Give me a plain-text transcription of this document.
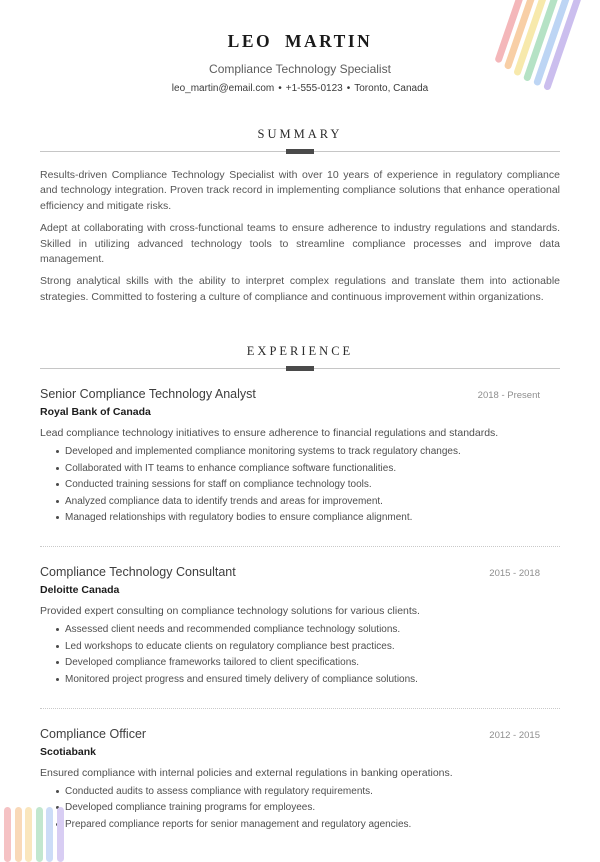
LEO MARTIN
Compliance Technology Specialist
leo_martin@email.com • +1-555-0123 • Toronto, Canada
SUMMARY

Results-driven Compliance Technology Specialist with over 10 years of experience in regulatory compliance and technology integration. Proven track record in implementing compliance solutions that enhance operational efficiency and mitigate risks.

Adept at collaborating with cross-functional teams to ensure adherence to industry regulations and standards. Skilled in utilizing advanced technology tools to streamline compliance processes and improve data management.

Strong analytical skills with the ability to interpret complex regulations and translate them into actionable strategies. Committed to fostering a culture of compliance and continuous improvement within organizations.

EXPERIENCE
Senior Compliance Technology Analyst	2018 - Present
Royal Bank of Canada
Lead compliance technology initiatives to ensure adherence to financial regulations and standards.
Developed and implemented compliance monitoring systems to track regulatory changes.
Collaborated with IT teams to enhance compliance software functionalities.
Conducted training sessions for staff on compliance technology tools.
Analyzed compliance data to identify trends and areas for improvement.
Managed relationships with regulatory bodies to ensure compliance alignment.
Compliance Technology Consultant	2015 - 2018
Deloitte Canada
Provided expert consulting on compliance technology solutions for various clients.
Assessed client needs and recommended compliance technology solutions.
Led workshops to educate clients on regulatory compliance best practices.
Developed compliance frameworks tailored to client specifications.
Monitored project progress and ensured timely delivery of compliance solutions.
Compliance Officer	2012 - 2015
Scotiabank
Ensured compliance with internal policies and external regulations in banking operations.
Conducted audits to assess compliance with regulatory requirements.
Developed compliance training programs for employees.
Prepared compliance reports for senior management and regulatory agencies.
